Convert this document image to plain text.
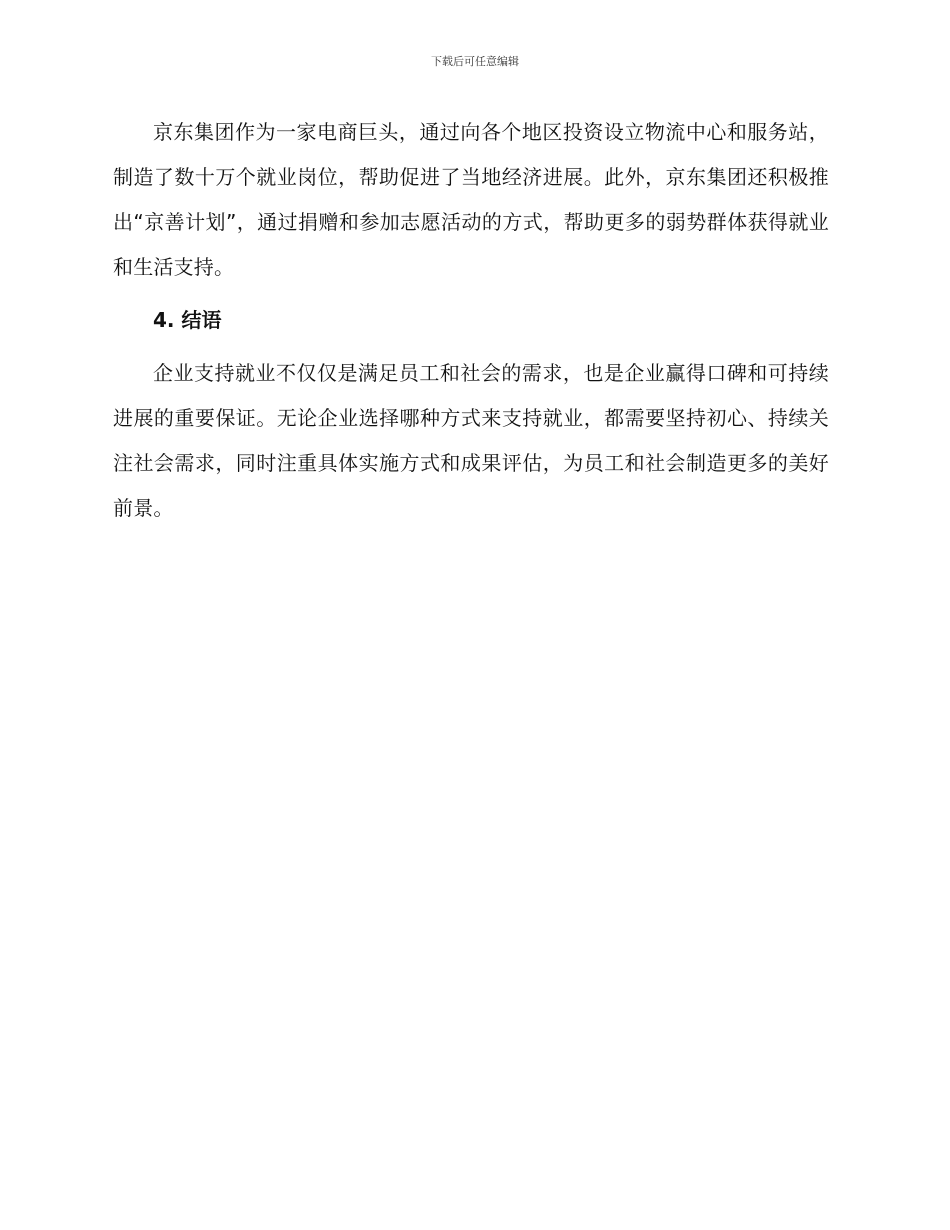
下载后可任意编辑

京东集团作为一家电商巨头，通过向各个地区投资设立物流中心和服务站，制造了数十万个就业岗位，帮助促进了当地经济进展。此外，京东集团还积极推出“京善计划”，通过捐赠和参加志愿活动的方式，帮助更多的弱势群体获得就业和生活支持。

4. 结语

企业支持就业不仅仅是满足员工和社会的需求，也是企业赢得口碑和可持续进展的重要保证。无论企业选择哪种方式来支持就业，都需要坚持初心、持续关注社会需求，同时注重具体实施方式和成果评估，为员工和社会制造更多的美好前景。
